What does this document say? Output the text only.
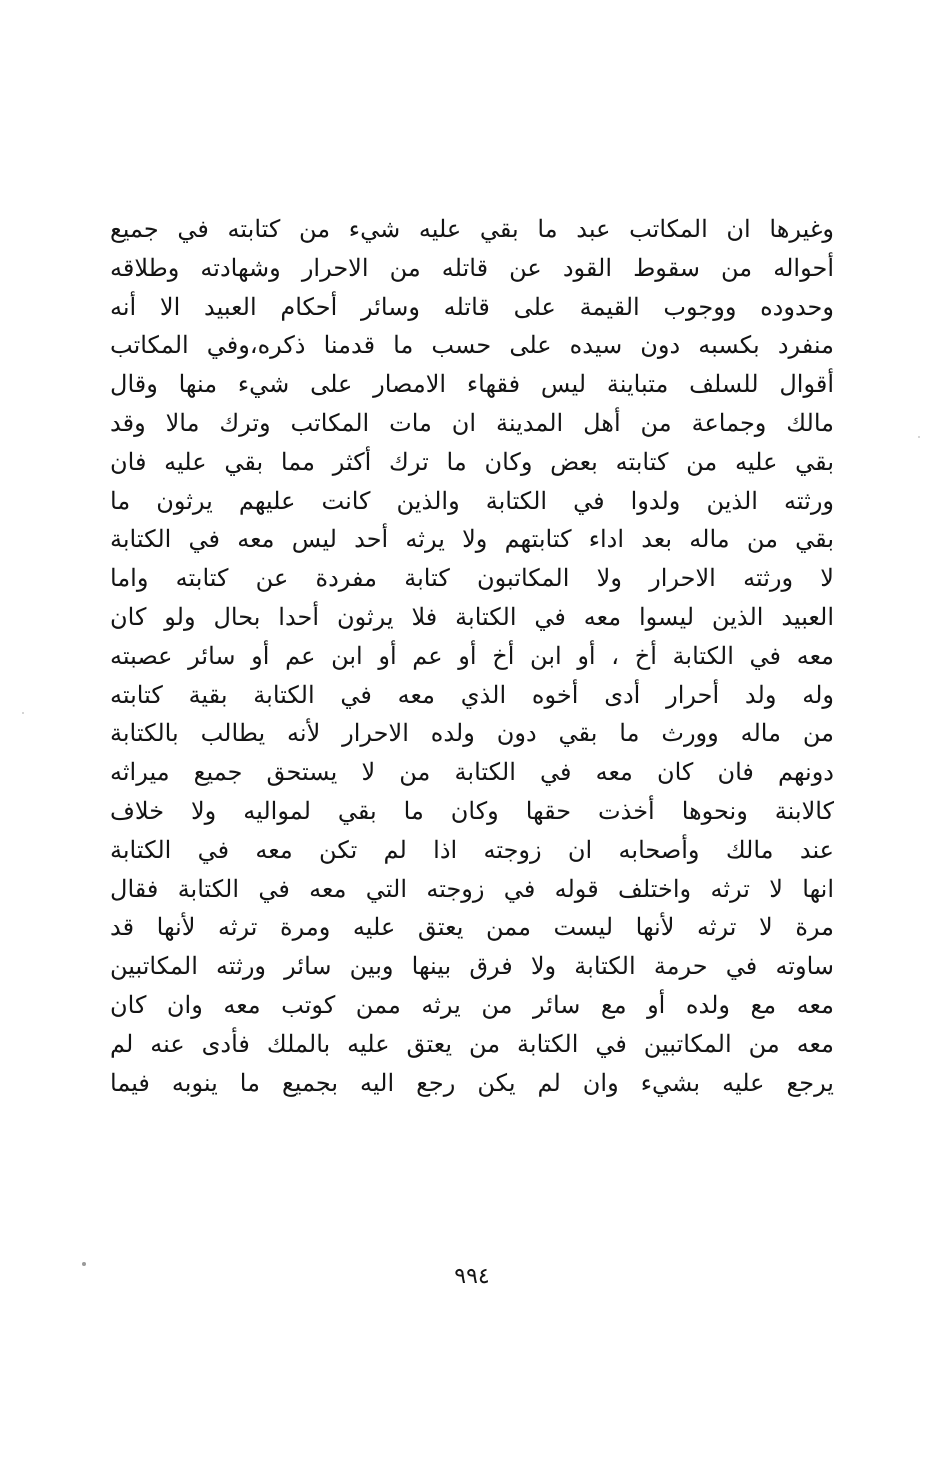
وغيرها ان المكاتب عبد ما بقي عليه شيء من كتابته في جميع
أحواله من سقوط القود عن قاتله من الاحرار وشهادته وطلاقه
وحدوده ووجوب القيمة على قاتله وسائر أحكام العبيد الا أنه
منفرد بكسبه دون سيده على حسب ما قدمنا ذكره،وفي المكاتب
أقوال للسلف متباينة ليس فقهاء الامصار على شيء منها وقال
مالك وجماعة من أهل المدينة ان مات المكاتب وترك مالا وقد
بقي عليه من كتابته بعض وكان ما ترك أكثر مما بقي عليه فان
ورثته الذين ولدوا في الكتابة والذين كانت عليهم يرثون ما
بقي من ماله بعد اداء كتابتهم ولا يرثه أحد ليس معه في الكتابة
لا ورثته الاحرار ولا المكاتبون كتابة مفردة عن كتابته واما
العبيد الذين ليسوا معه في الكتابة فلا يرثون أحدا بحال ولو كان
معه في الكتابة أخ ، أو ابن أخ أو عم أو ابن عم أو سائر عصبته
وله ولد أحرار أدى أخوه الذي معه في الكتابة بقية كتابته
من ماله وورث ما بقي دون ولده الاحرار لأنه يطالب بالكتابة
دونهم فان كان معه في الكتابة من لا يستحق جميع ميراثه
كالابنة ونحوها أخذت حقها وكان ما بقي لمواليه ولا خلاف
عند مالك وأصحابه ان زوجته اذا لم تكن معه في الكتابة
انها لا ترثه واختلف قوله في زوجته التي معه في الكتابة فقال
مرة لا ترثه لأنها ليست ممن يعتق عليه ومرة ترثه لأنها قد
ساوته في حرمة الكتابة ولا فرق بينها وبين سائر ورثته المكاتبين
معه مع ولده أو مع سائر من يرثه ممن كوتب معه وان كان
معه من المكاتبين في الكتابة من يعتق عليه بالملك فأدى عنه لم
يرجع عليه بشيء وان لم يكن رجع اليه بجميع ما ينوبه فيما
٩٩٤
